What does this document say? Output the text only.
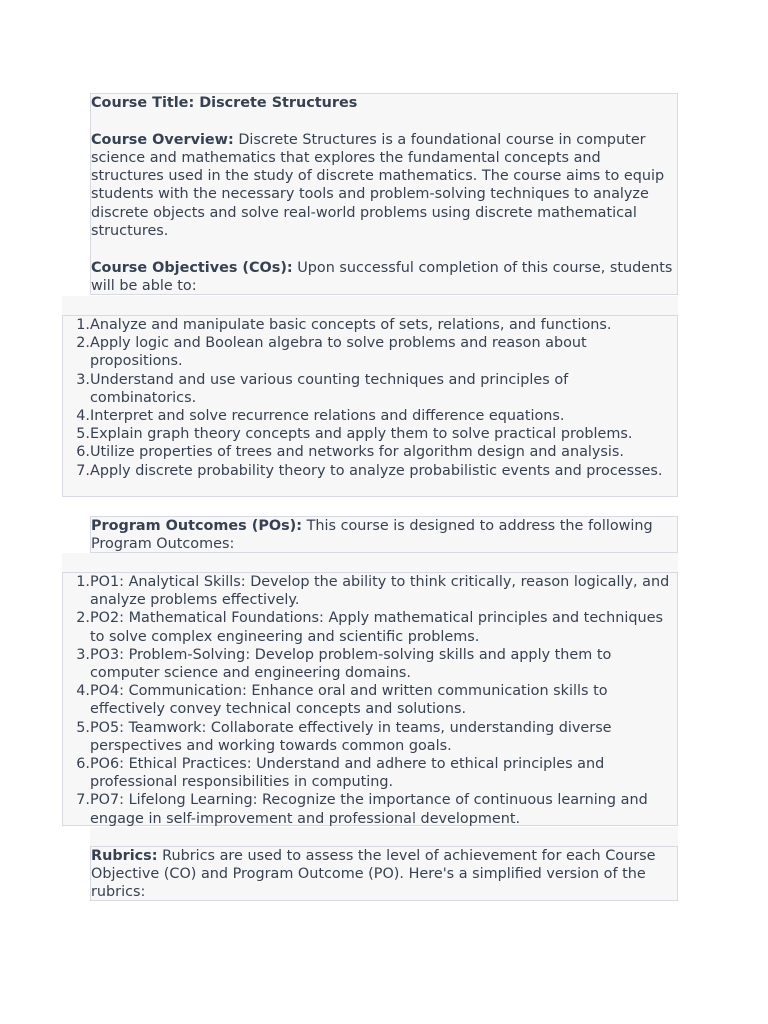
Course Title: Discrete Structures

Course Overview: Discrete Structures is a foundational course in computer science and mathematics that explores the fundamental concepts and structures used in the study of discrete mathematics. The course aims to equip students with the necessary tools and problem-solving techniques to analyze discrete objects and solve real-world problems using discrete mathematical structures.

Course Objectives (COs): Upon successful completion of this course, students will be able to:

1. Analyze and manipulate basic concepts of sets, relations, and functions.
2. Apply logic and Boolean algebra to solve problems and reason about propositions.
3. Understand and use various counting techniques and principles of combinatorics.
4. Interpret and solve recurrence relations and difference equations.
5. Explain graph theory concepts and apply them to solve practical problems.
6. Utilize properties of trees and networks for algorithm design and analysis.
7. Apply discrete probability theory to analyze probabilistic events and processes.

Program Outcomes (POs): This course is designed to address the following Program Outcomes:

1. PO1: Analytical Skills: Develop the ability to think critically, reason logically, and analyze problems effectively.
2. PO2: Mathematical Foundations: Apply mathematical principles and techniques to solve complex engineering and scientific problems.
3. PO3: Problem-Solving: Develop problem-solving skills and apply them to computer science and engineering domains.
4. PO4: Communication: Enhance oral and written communication skills to effectively convey technical concepts and solutions.
5. PO5: Teamwork: Collaborate effectively in teams, understanding diverse perspectives and working towards common goals.
6. PO6: Ethical Practices: Understand and adhere to ethical principles and professional responsibilities in computing.
7. PO7: Lifelong Learning: Recognize the importance of continuous learning and engage in self-improvement and professional development.

Rubrics: Rubrics are used to assess the level of achievement for each Course Objective (CO) and Program Outcome (PO). Here's a simplified version of the rubrics:
